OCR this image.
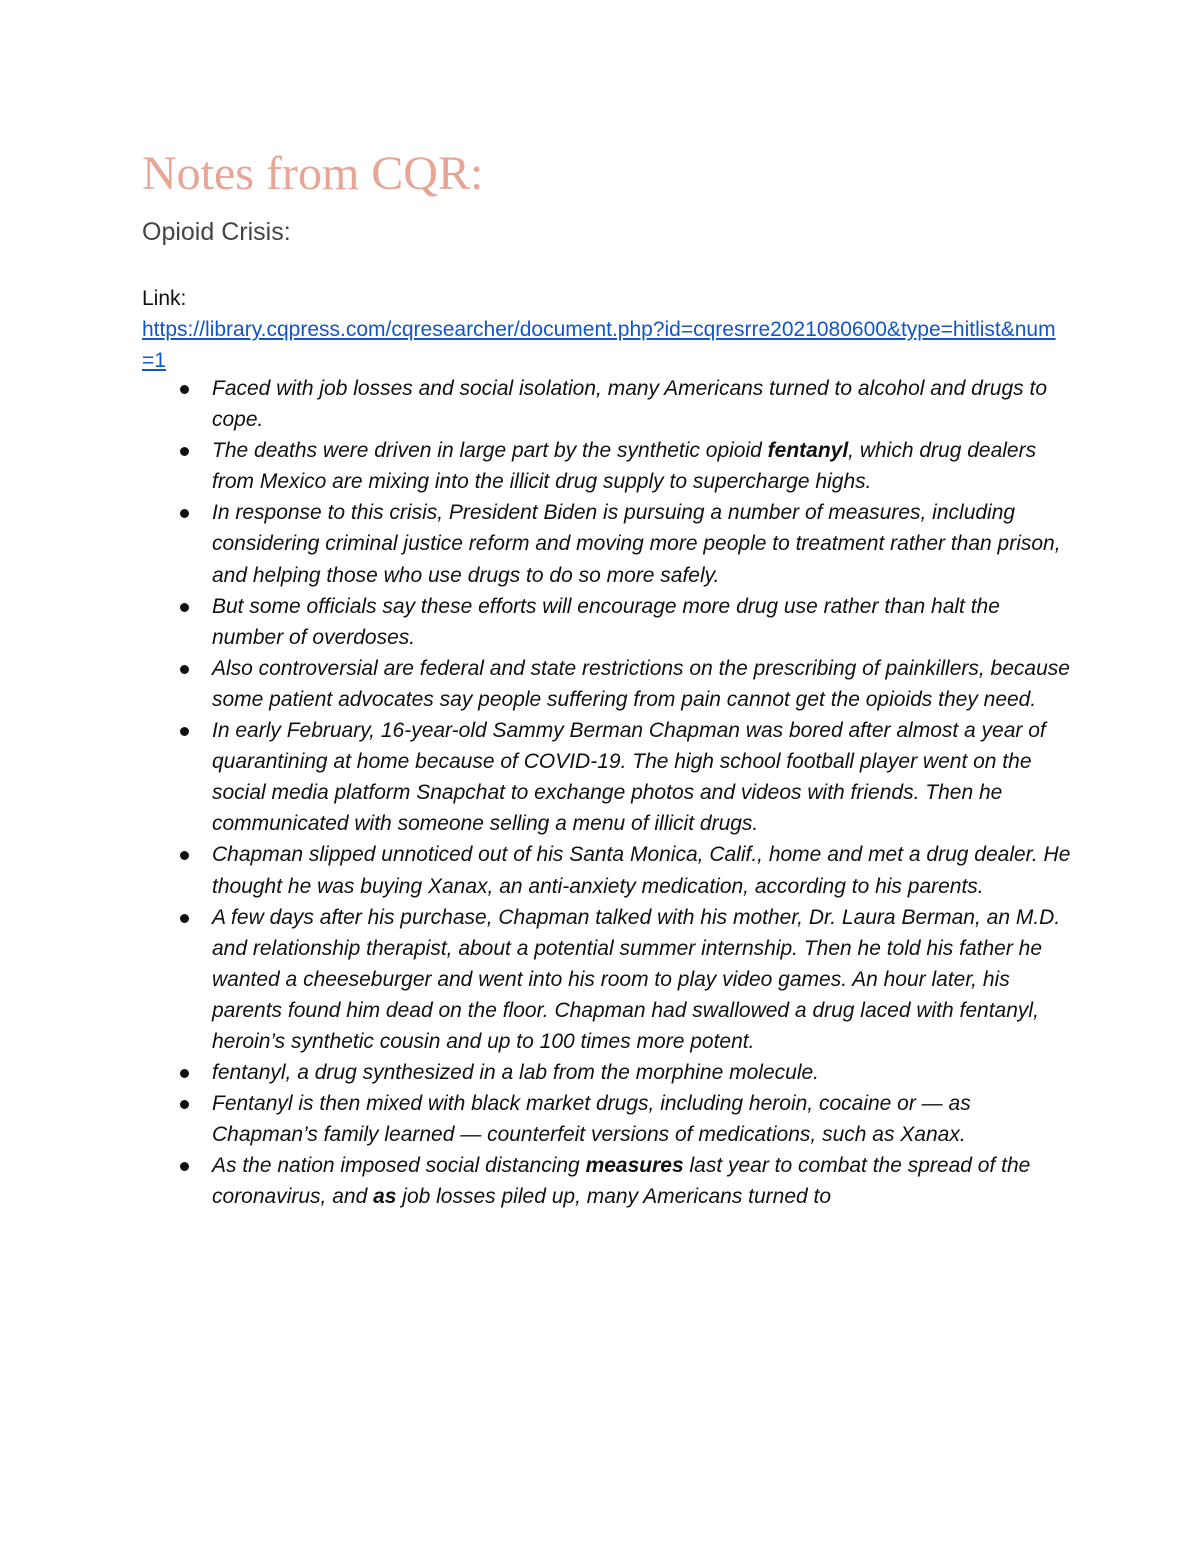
Notes from CQR:
Opioid Crisis:
Link:
https://library.cqpress.com/cqresearcher/document.php?id=cqresrre2021080600&type=hitlist&num=1
Faced with job losses and social isolation, many Americans turned to alcohol and drugs to cope.
The deaths were driven in large part by the synthetic opioid fentanyl, which drug dealers from Mexico are mixing into the illicit drug supply to supercharge highs.
In response to this crisis, President Biden is pursuing a number of measures, including considering criminal justice reform and moving more people to treatment rather than prison, and helping those who use drugs to do so more safely.
But some officials say these efforts will encourage more drug use rather than halt the number of overdoses.
Also controversial are federal and state restrictions on the prescribing of painkillers, because some patient advocates say people suffering from pain cannot get the opioids they need.
In early February, 16-year-old Sammy Berman Chapman was bored after almost a year of quarantining at home because of COVID-19. The high school football player went on the social media platform Snapchat to exchange photos and videos with friends. Then he communicated with someone selling a menu of illicit drugs.
Chapman slipped unnoticed out of his Santa Monica, Calif., home and met a drug dealer. He thought he was buying Xanax, an anti-anxiety medication, according to his parents.
A few days after his purchase, Chapman talked with his mother, Dr. Laura Berman, an M.D. and relationship therapist, about a potential summer internship. Then he told his father he wanted a cheeseburger and went into his room to play video games. An hour later, his parents found him dead on the floor. Chapman had swallowed a drug laced with fentanyl, heroin’s synthetic cousin and up to 100 times more potent.
fentanyl, a drug synthesized in a lab from the morphine molecule.
Fentanyl is then mixed with black market drugs, including heroin, cocaine or — as Chapman’s family learned — counterfeit versions of medications, such as Xanax.
As the nation imposed social distancing measures last year to combat the spread of the coronavirus, and as job losses piled up, many Americans turned to
